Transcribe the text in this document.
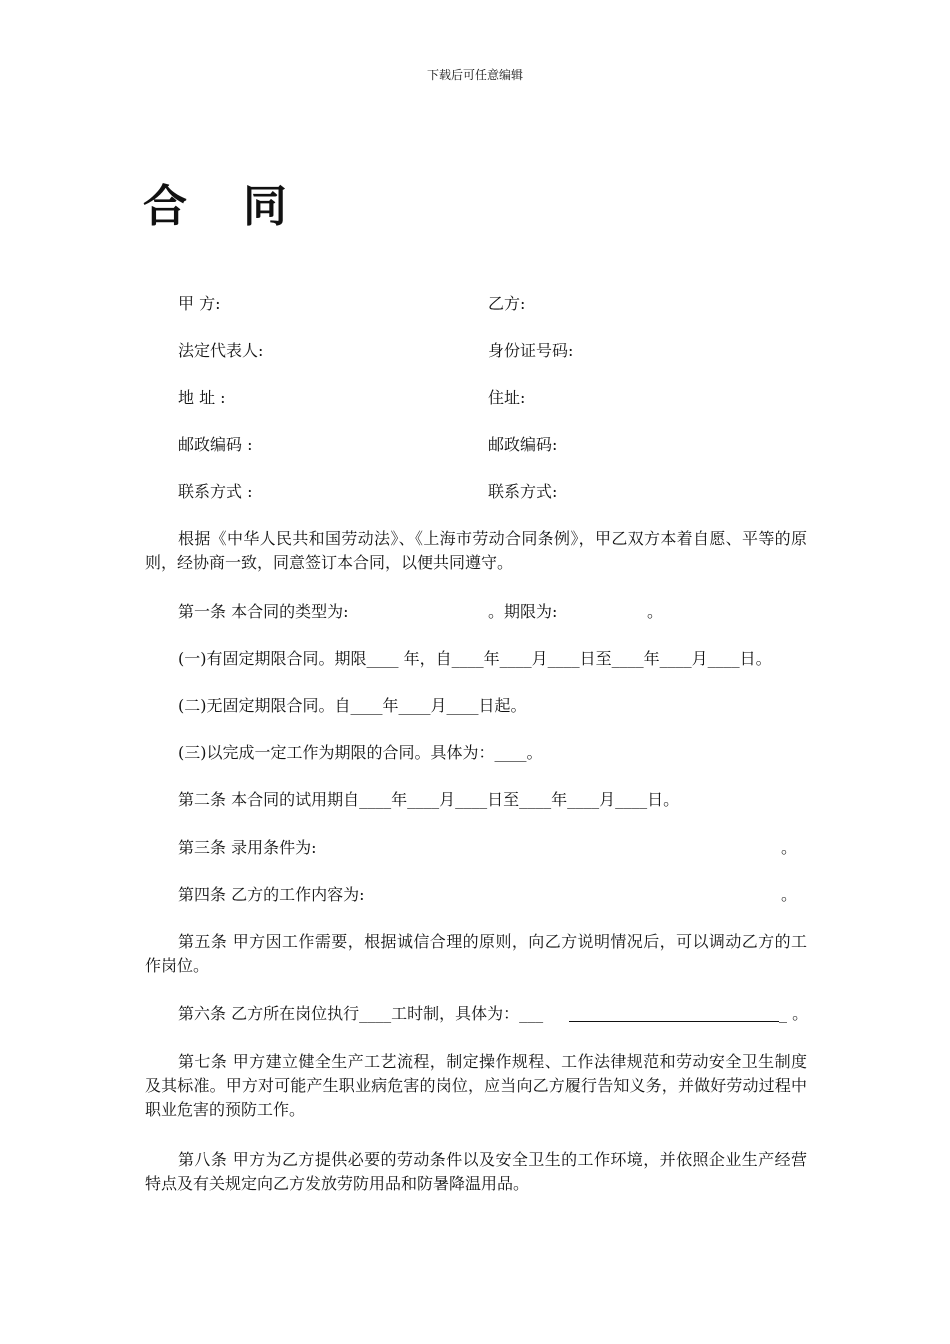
下载后可任意编辑
合 同
甲 方:	乙方:
法定代表人:	身份证号码:
地 址 :	住址:
邮政编码 :	邮政编码:
联系方式 :	联系方式:
根据《中华人民共和国劳动法》、《上海市劳动合同条例》，甲乙双方本着自愿、平等的原则，经协商一致，同意签订本合同，以便共同遵守。
第一条 本合同的类型为:	。期限为:	。
(一)有固定期限合同。期限____ 年，自____年____月____日至____年____月____日。
(二)无固定期限合同。自____年____月____日起。
(三)以完成一定工作为期限的合同。具体为：____。
第二条 本合同的试用期自____年____月____日至____年____月____日。
第三条 录用条件为:	。
第四条 乙方的工作内容为:	。
第五条 甲方因工作需要，根据诚信合理的原则，向乙方说明情况后，可以调动乙方的工作岗位。
第六条 乙方所在岗位执行____工时制，具体为：___	_ 。
第七条 甲方建立健全生产工艺流程，制定操作规程、工作法律规范和劳动安全卫生制度及其标准。甲方对可能产生职业病危害的岗位，应当向乙方履行告知义务，并做好劳动过程中职业危害的预防工作。
第八条 甲方为乙方提供必要的劳动条件以及安全卫生的工作环境，并依照企业生产经营特点及有关规定向乙方发放劳防用品和防暑降温用品。
